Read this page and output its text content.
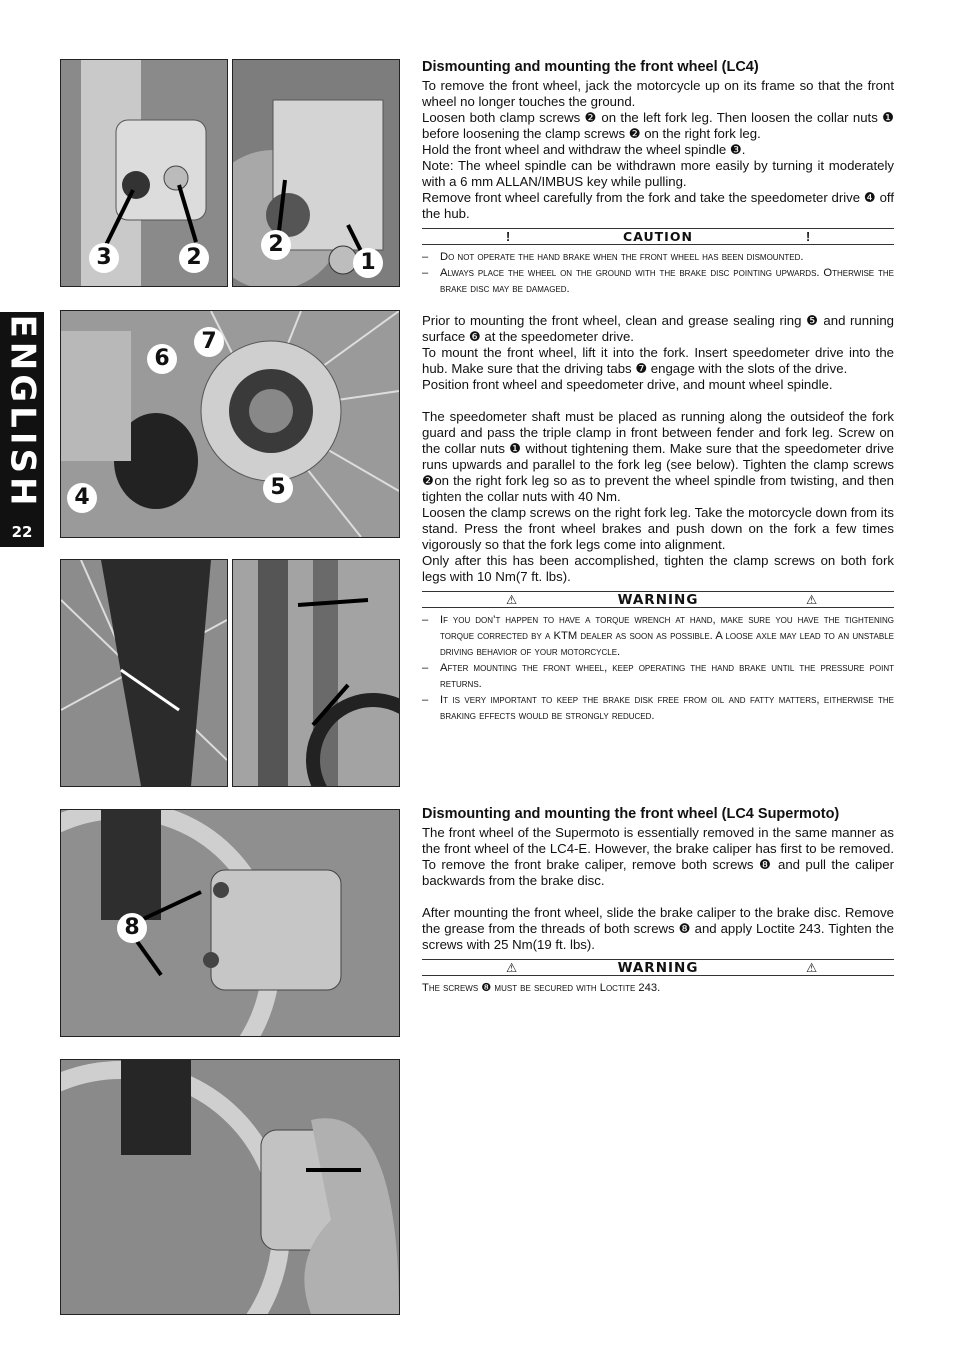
ENGLISH
22
3	2
2
1
6
7
4	5
8
Dismounting and mounting the front wheel (LC4)

To remove the front wheel, jack the motorcycle up on its frame so that the front wheel no longer touches the ground.

Loosen both clamp screws ❷ on the left fork leg. Then loosen the collar nuts ❶ before loosening the clamp screws ❷ on the right fork leg.

Hold the front wheel and withdraw the wheel spindle ❸.

Note: The wheel spindle can be withdrawn more easily by turning it moderately with a 6 mm ALLAN/IMBUS key while pulling.

Remove front wheel carefully from the fork and take the speedometer drive ❹ off the hub.

!	CAUTION	!
– Do not operate the hand brake when the front wheel has been dismounted.
– Always place the wheel on the ground with the brake disc pointing upwards. Otherwise the brake disc may be damaged.

Prior to mounting the front wheel, clean and grease sealing ring ❺ and running surface ❻ at the speedometer drive.

To mount the front wheel, lift it into the fork. Insert speedometer drive into the hub. Make sure that the driving tabs ❼ engage with the slots of the drive.

Position front wheel and speedometer drive, and mount wheel spindle.

The speedometer shaft must be placed as running along the outsideof the fork guard and pass the triple clamp in front between fender and fork leg. Screw on the collar nuts ❶ without tightening them. Make sure that the speedometer drive runs upwards and parallel to the fork leg (see below). Tighten the clamp screws ❷on the right fork leg so as to prevent the wheel spindle from twisting, and then tighten the collar nuts with 40 Nm.

Loosen the clamp screws on the right fork leg. Take the motorcycle down from its stand. Press the front wheel brakes and push down on the fork a few times vigorously so that the fork legs come into alignment.

Only after this has been accomplished, tighten the clamp screws on both fork legs with 10 Nm(7 ft. lbs).

⚠	WARNING	⚠
– If you don’t happen to have a torque wrench at hand, make sure you have the tightening torque corrected by a KTM dealer as soon as possible. A loose axle may lead to an unstable driving behavior of your motorcycle.
– After mounting the front wheel, keep operating the hand brake until the pressure point returns.
– It is very important to keep the brake disk free from oil and fatty matters, eitherwise the braking effects would be strongly reduced.
Dismounting and mounting the front wheel (LC4 Supermoto)

The front wheel of the Supermoto is essentially removed in the same manner as the front wheel of the LC4-E. However, the brake caliper has first to be removed. To remove the front brake caliper, remove both screws ❽ and pull the caliper backwards from the brake disc.

After mounting the front wheel, slide the brake caliper to the brake disc. Remove the grease from the threads of both screws ❽ and apply Loctite 243. Tighten the screws with 25 Nm(19 ft. lbs).

⚠	WARNING	⚠
The screws ❽ must be secured with Loctite 243.
